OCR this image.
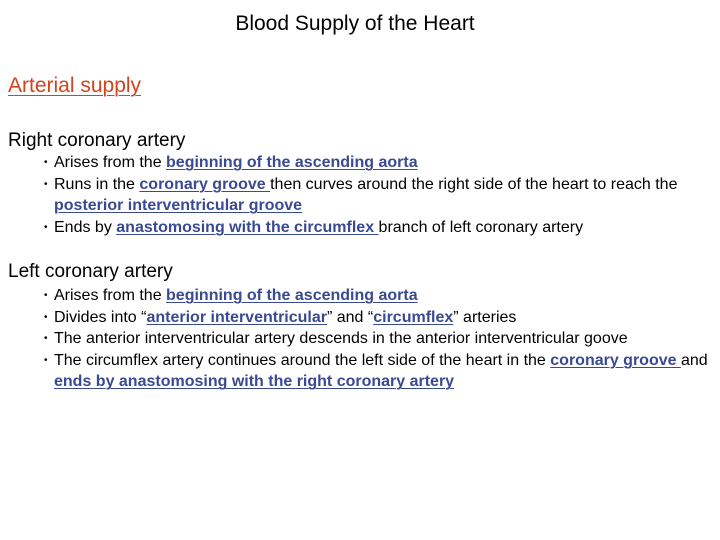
Blood Supply of the Heart
Arterial supply
Right coronary artery
• Arises from the beginning of the ascending aorta
• Runs in the coronary groove then curves around the right side of the heart to reach the posterior interventricular groove
• Ends by anastomosing with the circumflex branch of left coronary artery
Left coronary artery
• Arises from the beginning of the ascending aorta
• Divides into “anterior interventricular” and “circumflex” arteries
• The anterior interventricular artery descends in the anterior interventricular goove
• The circumflex artery continues around the left side of the heart in the coronary groove and ends by anastomosing with the right coronary artery
